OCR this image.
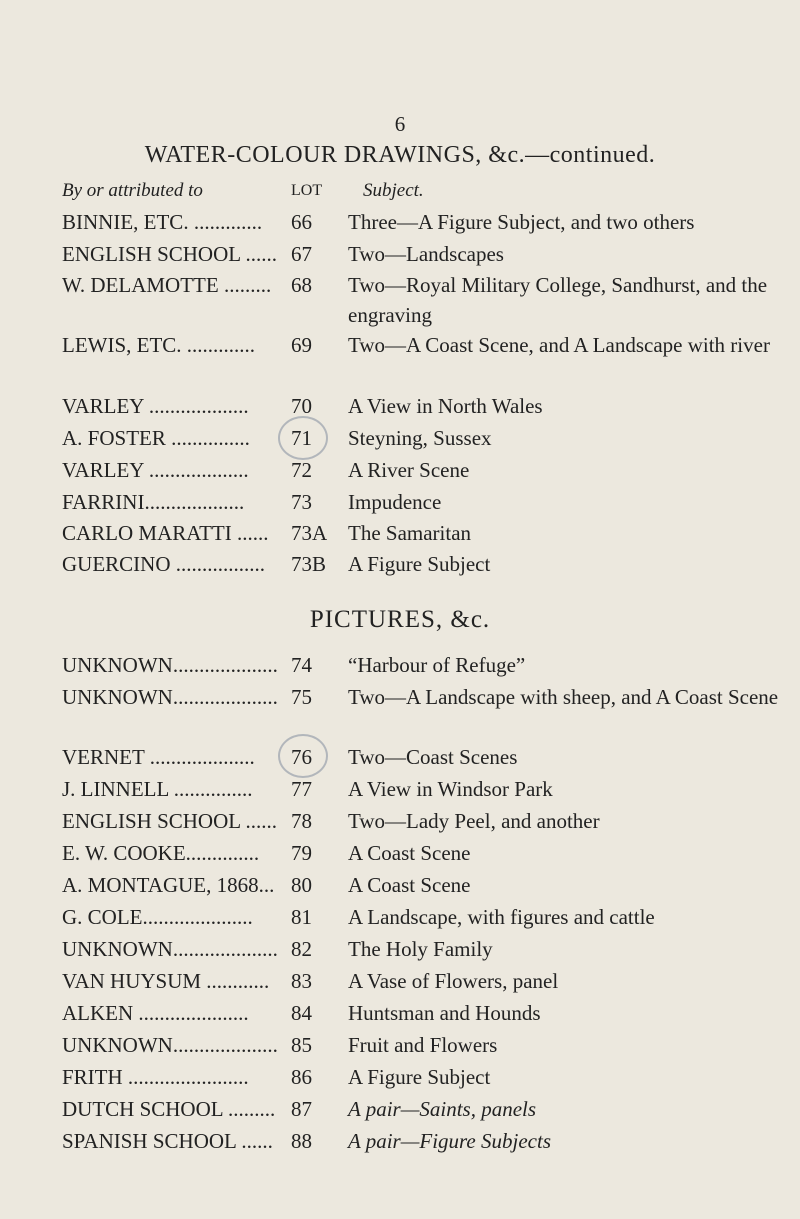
6
WATER-COLOUR DRAWINGS, &c.—continued.
By or attributed to	LOT Subject.
BINNIE, ETC. ............. 66 Three—A Figure Subject, and two others
ENGLISH SCHOOL ...... 67 Two—Landscapes
W. DELAMOTTE ......... 68 Two—Royal Military College, Sandhurst, and the engraving
LEWIS, ETC. ............. 69 Two—A Coast Scene, and A Landscape with river
VARLEY ................... 70 A View in North Wales
A. FOSTER ............... 71 Steyning, Sussex
VARLEY ................... 72 A River Scene
FARRINI................... 73 Impudence
CARLO MARATTI ...... 73A The Samaritan
GUERCINO ................. 73B A Figure Subject
PICTURES, &c.
UNKNOWN.................... 74 “Harbour of Refuge”
UNKNOWN.................... 75 Two—A Landscape with sheep, and A Coast Scene
VERNET .................... 76 Two—Coast Scenes
J. LINNELL ............... 77 A View in Windsor Park
ENGLISH SCHOOL ...... 78 Two—Lady Peel, and another
E. W. COOKE.............. 79 A Coast Scene
A. MONTAGUE, 1868... 80 A Coast Scene
G. COLE..................... 81 A Landscape, with figures and cattle
UNKNOWN.................... 82 The Holy Family
VAN HUYSUM ............ 83 A Vase of Flowers, panel
ALKEN ..................... 84 Huntsman and Hounds
UNKNOWN.................... 85 Fruit and Flowers
FRITH ....................... 86 A Figure Subject
DUTCH SCHOOL ......... 87 A pair—Saints, panels
SPANISH SCHOOL ...... 88 A pair—Figure Subjects
